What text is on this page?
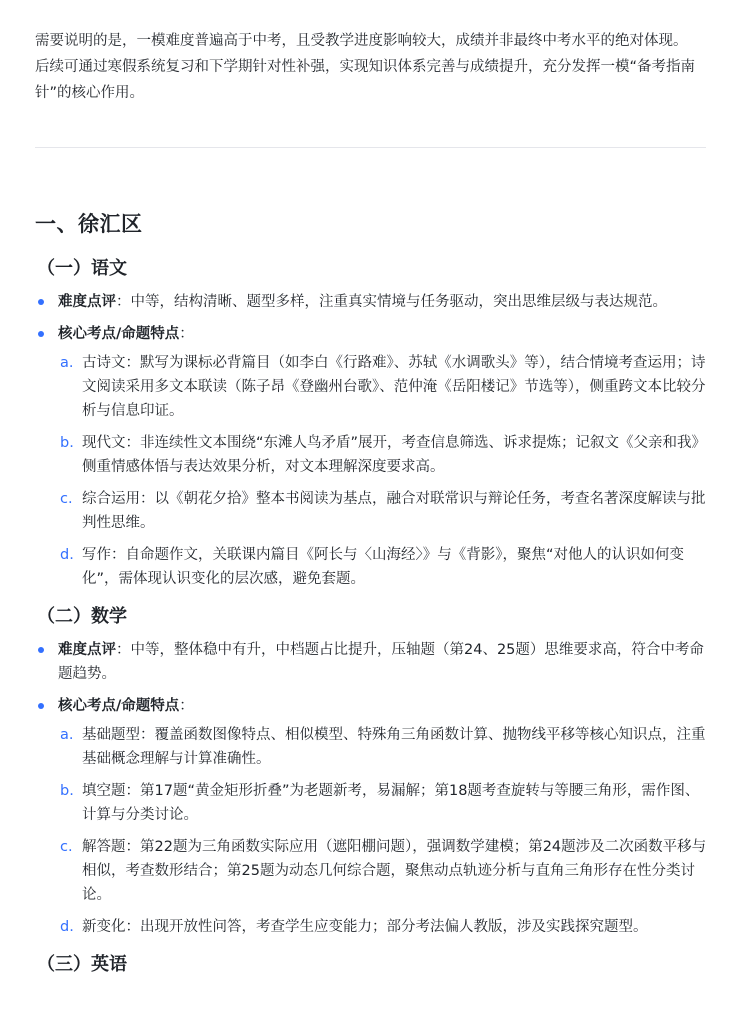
需要说明的是，一模难度普遍高于中考，且受教学进度影响较大，成绩并非最终中考水平的绝对体现。后续可通过寒假系统复习和下学期针对性补强，实现知识体系完善与成绩提升，充分发挥一模“备考指南针”的核心作用。

一、徐汇区
（一）语文
难度点评：中等，结构清晰、题型多样，注重真实情境与任务驱动，突出思维层级与表达规范。
核心考点/命题特点：
a. 古诗文：默写为课标必背篇目（如李白《行路难》、苏轼《水调歌头》等），结合情境考查运用；诗文阅读采用多文本联读（陈子昂《登幽州台歌》、范仲淹《岳阳楼记》节选等），侧重跨文本比较分析与信息印证。
b. 现代文：非连续性文本围绕“东滩人鸟矛盾”展开，考查信息筛选、诉求提炼；记叙文《父亲和我》侧重情感体悟与表达效果分析，对文本理解深度要求高。
c. 综合运用：以《朝花夕拾》整本书阅读为基点，融合对联常识与辩论任务，考查名著深度解读与批判性思维。
d. 写作：自命题作文，关联课内篇目《阿长与〈山海经〉》与《背影》，聚焦“对他人的认识如何变化”，需体现认识变化的层次感，避免套题。
（二）数学
难度点评：中等，整体稳中有升，中档题占比提升，压轴题（第24、25题）思维要求高，符合中考命题趋势。
核心考点/命题特点：
a. 基础题型：覆盖函数图像特点、相似模型、特殊角三角函数计算、抛物线平移等核心知识点，注重基础概念理解与计算准确性。
b. 填空题：第17题“黄金矩形折叠”为老题新考，易漏解；第18题考查旋转与等腰三角形，需作图、计算与分类讨论。
c. 解答题：第22题为三角函数实际应用（遮阳棚问题），强调数学建模；第24题涉及二次函数平移与相似，考查数形结合；第25题为动态几何综合题，聚焦动点轨迹分析与直角三角形存在性分类讨论。
d. 新变化：出现开放性问答，考查学生应变能力；部分考法偏人教版，涉及实践探究题型。
（三）英语
